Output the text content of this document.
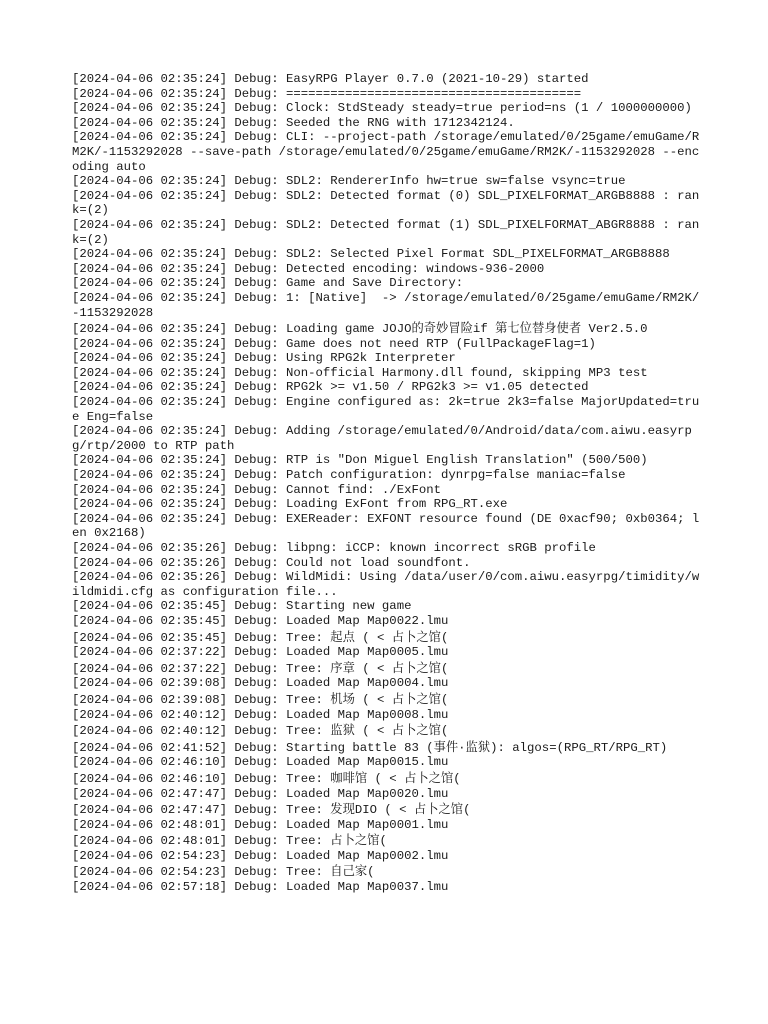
[2024-04-06 02:35:24] Debug: EasyRPG Player 0.7.0 (2021-10-29) started
[2024-04-06 02:35:24] Debug: ========================================
[2024-04-06 02:35:24] Debug: Clock: StdSteady steady=true period=ns (1 / 1000000000)
[2024-04-06 02:35:24] Debug: Seeded the RNG with 1712342124.
[2024-04-06 02:35:24] Debug: CLI: --project-path /storage/emulated/0/25game/emuGame/RM2K/-1153292028 --save-path /storage/emulated/0/25game/emuGame/RM2K/-1153292028 --encoding auto
[2024-04-06 02:35:24] Debug: SDL2: RendererInfo hw=true sw=false vsync=true
[2024-04-06 02:35:24] Debug: SDL2: Detected format (0) SDL_PIXELFORMAT_ARGB8888 : rank=(2)
[2024-04-06 02:35:24] Debug: SDL2: Detected format (1) SDL_PIXELFORMAT_ABGR8888 : rank=(2)
[2024-04-06 02:35:24] Debug: SDL2: Selected Pixel Format SDL_PIXELFORMAT_ARGB8888
[2024-04-06 02:35:24] Debug: Detected encoding: windows-936-2000
[2024-04-06 02:35:24] Debug: Game and Save Directory:
[2024-04-06 02:35:24] Debug: 1: [Native]  -> /storage/emulated/0/25game/emuGame/RM2K/-1153292028
[2024-04-06 02:35:24] Debug: Loading game JOJO的奇妙冒险if 第七位替身使者 Ver2.5.0
[2024-04-06 02:35:24] Debug: Game does not need RTP (FullPackageFlag=1)
[2024-04-06 02:35:24] Debug: Using RPG2k Interpreter
[2024-04-06 02:35:24] Debug: Non-official Harmony.dll found, skipping MP3 test
[2024-04-06 02:35:24] Debug: RPG2k >= v1.50 / RPG2k3 >= v1.05 detected
[2024-04-06 02:35:24] Debug: Engine configured as: 2k=true 2k3=false MajorUpdated=true Eng=false
[2024-04-06 02:35:24] Debug: Adding /storage/emulated/0/Android/data/com.aiwu.easyrpg/rtp/2000 to RTP path
[2024-04-06 02:35:24] Debug: RTP is "Don Miguel English Translation" (500/500)
[2024-04-06 02:35:24] Debug: Patch configuration: dynrpg=false maniac=false
[2024-04-06 02:35:24] Debug: Cannot find: ./ExFont
[2024-04-06 02:35:24] Debug: Loading ExFont from RPG_RT.exe
[2024-04-06 02:35:24] Debug: EXEReader: EXFONT resource found (DE 0xacf90; 0xb0364; len 0x2168)
[2024-04-06 02:35:26] Debug: libpng: iCCP: known incorrect sRGB profile
[2024-04-06 02:35:26] Debug: Could not load soundfont.
[2024-04-06 02:35:26] Debug: WildMidi: Using /data/user/0/com.aiwu.easyrpg/timidity/wildmidi.cfg as configuration file...
[2024-04-06 02:35:45] Debug: Starting new game
[2024-04-06 02:35:45] Debug: Loaded Map Map0022.lmu
[2024-04-06 02:35:45] Debug: Tree: 起点 ( < 占卜之馆(
[2024-04-06 02:37:22] Debug: Loaded Map Map0005.lmu
[2024-04-06 02:37:22] Debug: Tree: 序章 ( < 占卜之馆(
[2024-04-06 02:39:08] Debug: Loaded Map Map0004.lmu
[2024-04-06 02:39:08] Debug: Tree: 机场 ( < 占卜之馆(
[2024-04-06 02:40:12] Debug: Loaded Map Map0008.lmu
[2024-04-06 02:40:12] Debug: Tree: 监狱 ( < 占卜之馆(
[2024-04-06 02:41:52] Debug: Starting battle 83 (事件·监狱): algos=(RPG_RT/RPG_RT)
[2024-04-06 02:46:10] Debug: Loaded Map Map0015.lmu
[2024-04-06 02:46:10] Debug: Tree: 咖啡馆 ( < 占卜之馆(
[2024-04-06 02:47:47] Debug: Loaded Map Map0020.lmu
[2024-04-06 02:47:47] Debug: Tree: 发现DIO ( < 占卜之馆(
[2024-04-06 02:48:01] Debug: Loaded Map Map0001.lmu
[2024-04-06 02:48:01] Debug: Tree: 占卜之馆(
[2024-04-06 02:54:23] Debug: Loaded Map Map0002.lmu
[2024-04-06 02:54:23] Debug: Tree: 自己家(
[2024-04-06 02:57:18] Debug: Loaded Map Map0037.lmu
